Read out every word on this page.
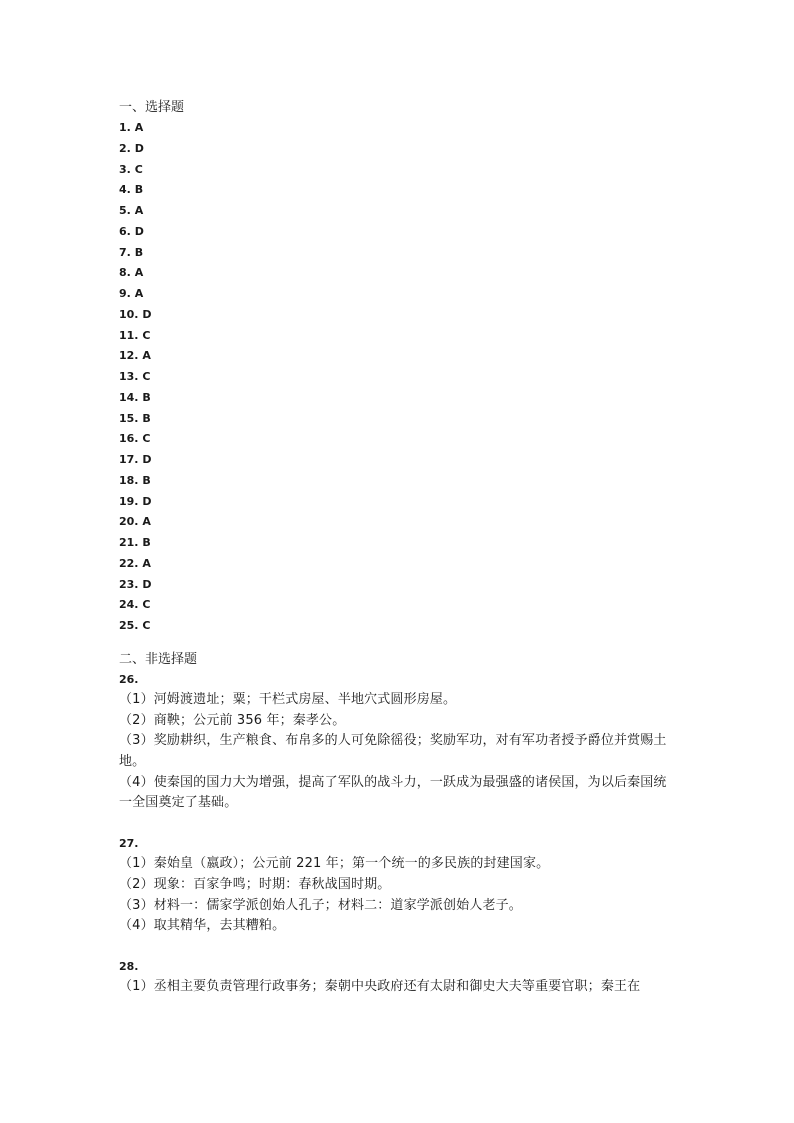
一、选择题
1. A
2. D
3. C
4. B
5. A
6. D
7. B
8. A
9. A
10. D
11. C
12. A
13. C
14. B
15. B
16. C
17. D
18. B
19. D
20. A
21. B
22. A
23. D
24. C
25. C
二、非选择题
26.
（1）河姆渡遗址；粟；干栏式房屋、半地穴式圆形房屋。
（2）商鞅；公元前 356 年；秦孝公。
（3）奖励耕织，生产粮食、布帛多的人可免除徭役；奖励军功，对有军功者授予爵位并赏赐土地。
（4）使秦国的国力大为增强，提高了军队的战斗力，一跃成为最强盛的诸侯国，为以后秦国统一全国奠定了基础。
27.
（1）秦始皇（嬴政）；公元前 221 年；第一个统一的多民族的封建国家。
（2）现象：百家争鸣；时期：春秋战国时期。
（3）材料一：儒家学派创始人孔子；材料二：道家学派创始人老子。
（4）取其精华，去其糟粕。
28.
（1）丞相主要负责管理行政事务；秦朝中央政府还有太尉和御史大夫等重要官职；秦王在
